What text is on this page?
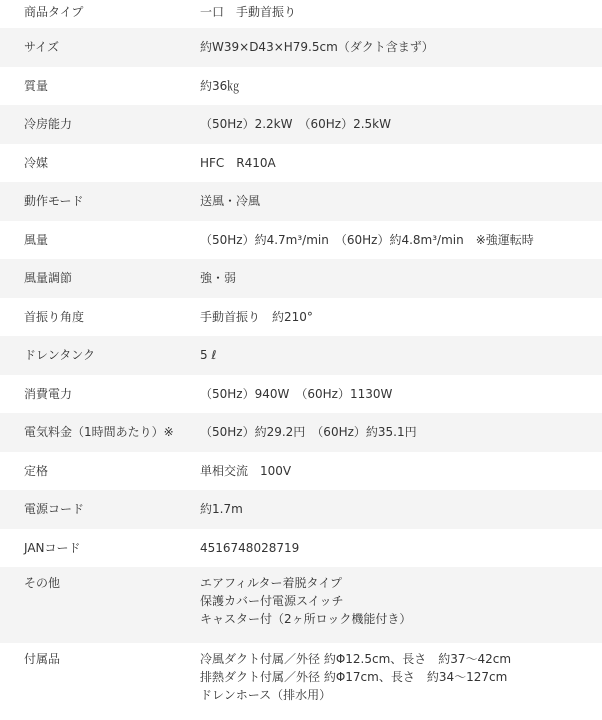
商品タイプ	一口　手動首振り
サイズ	約W39×D43×H79.5cm（ダクト含まず）
質量	約36㎏
冷房能力	（50Hz）2.2kW　（60Hz）2.5kW
冷媒	HFC　R410A
動作モード	送風・冷風
風量	（50Hz）約4.7m³/min　（60Hz）約4.8m³/min　※強運転時
風量調節	強・弱
首振り角度	手動首振り　約210°
ドレンタンク	5 ℓ
消費電力	（50Hz）940W　（60Hz）1130W
電気料金（1時間あたり）※	（50Hz）約29.2円　（60Hz）約35.1円
定格	単相交流　100V
電源コード	約1.7m
JANコード	4516748028719
その他	エアフィルター着脱タイプ
保護カバー付電源スイッチ
キャスター付（2ヶ所ロック機能付き）

付属品	冷風ダクト付属／外径 約Φ12.5cm、長さ　約37～42cm
排熱ダクト付属／外径 約Φ17cm、長さ　約34～127cm
ドレンホース（排水用）
